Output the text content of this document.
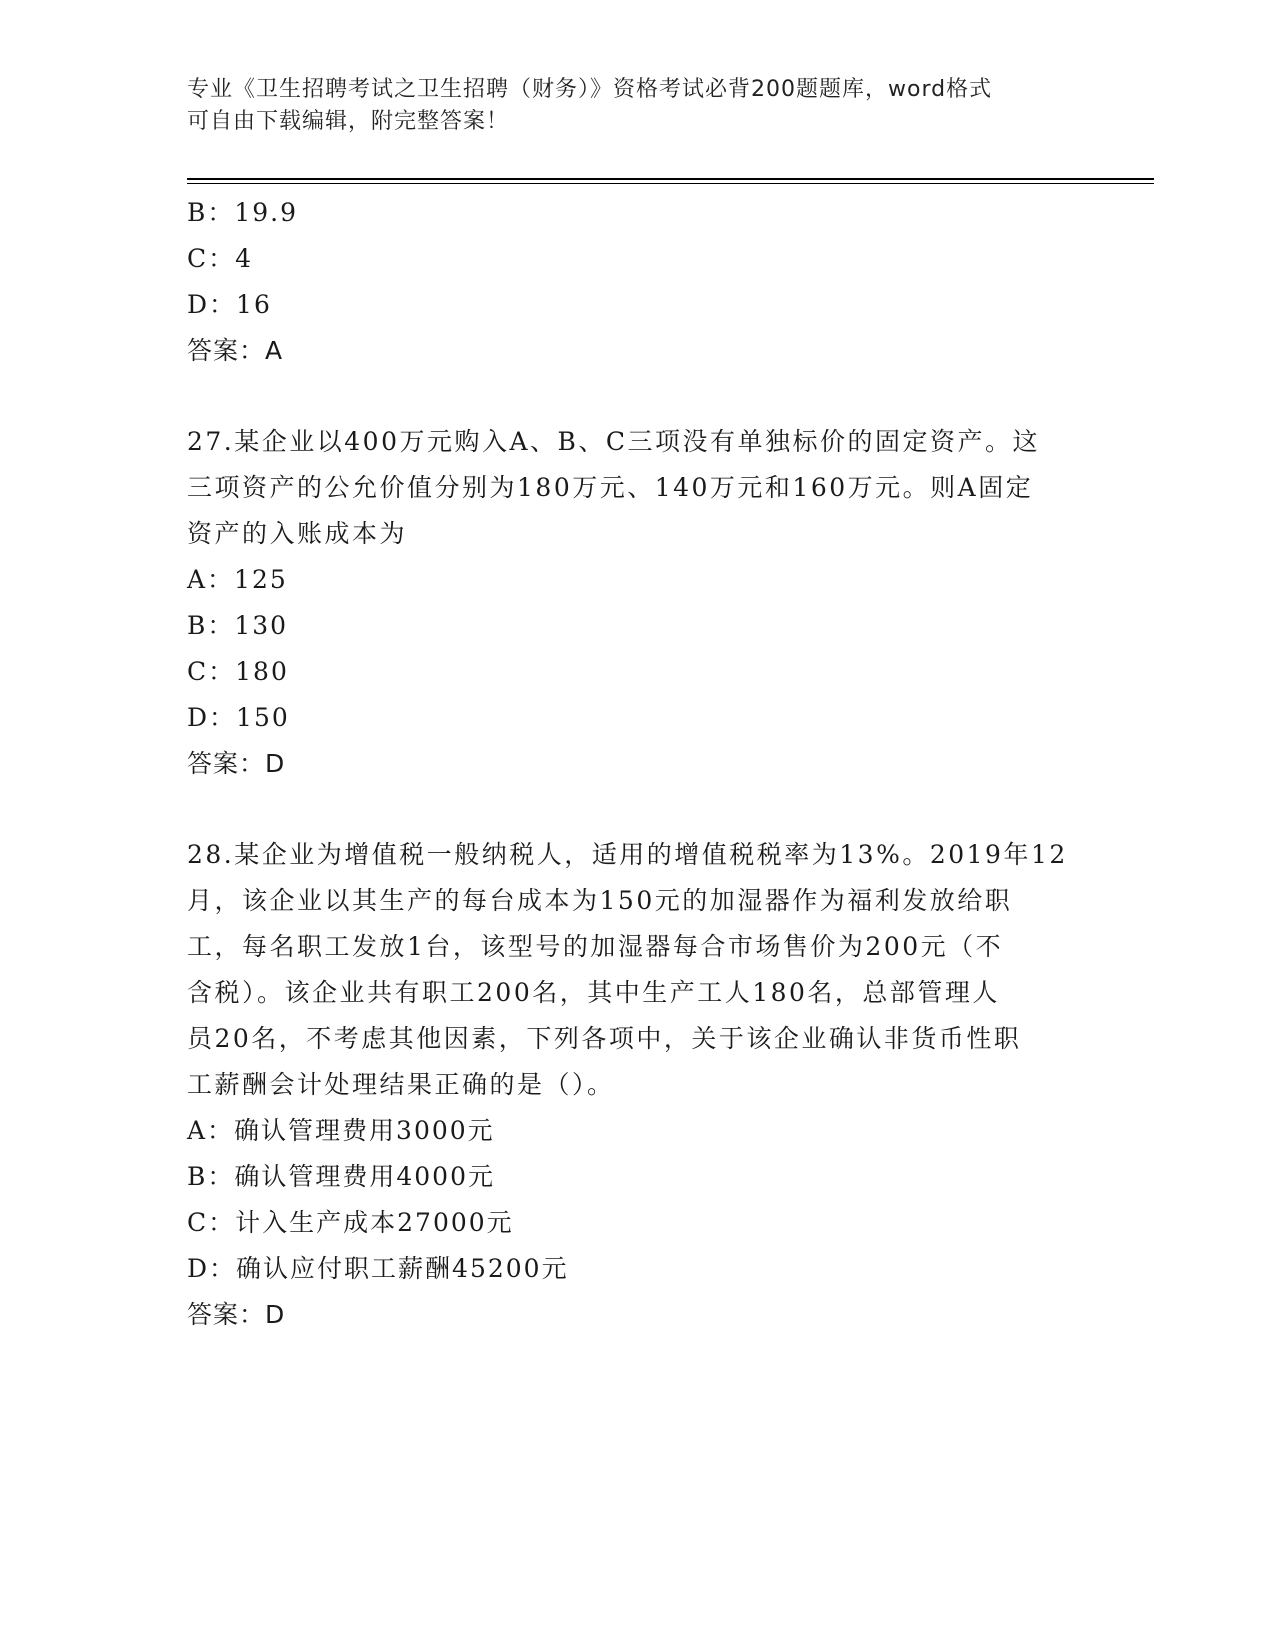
专业《卫生招聘考试之卫生招聘（财务）》资格考试必背200题题库，word格式
可自由下载编辑，附完整答案！
B：19.9
C：4
D：16
答案：A
27.某企业以400万元购入A、B、C三项没有单独标价的固定资产。这
三项资产的公允价值分别为180万元、140万元和160万元。则A固定
资产的入账成本为
A：125
B：130
C：180
D：150
答案：D
28.某企业为增值税一般纳税人，适用的增值税税率为13%。2019年12
月，该企业以其生产的每台成本为150元的加湿器作为福利发放给职
工，每名职工发放1台，该型号的加湿器每合市场售价为200元（不
含税）。该企业共有职工200名，其中生产工人180名，总部管理人
员20名，不考虑其他因素，下列各项中，关于该企业确认非货币性职
工薪酬会计处理结果正确的是（）。
A：确认管理费用3000元
B：确认管理费用4000元
C：计入生产成本27000元
D：确认应付职工薪酬45200元
答案：D
